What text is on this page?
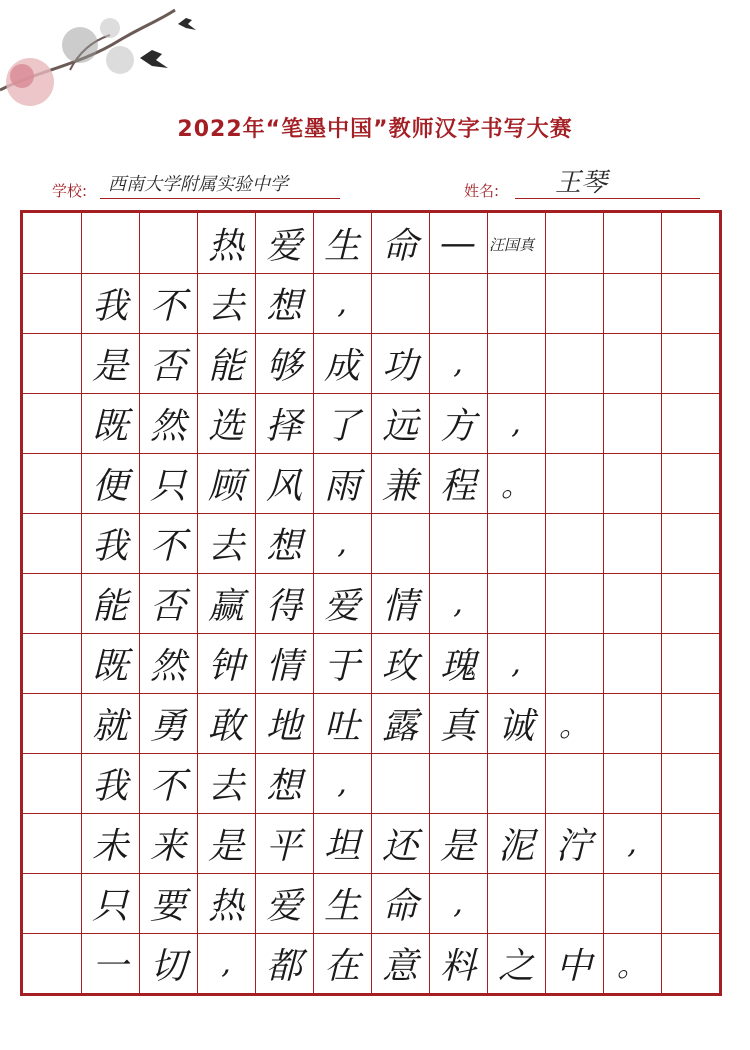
2022年“笔墨中国”教师汉字书写大赛
学校: 西南大学附属实验中学	姓名: 王琴
热 爱 生 命 — 汪国真
我 不 去 想	,
是 否 能 够 成 功	,
既 然 选 择 了 远 方	,
便 只 顾 风 雨 兼 程 。
我 不 去 想	,
能 否 赢 得 爱 情	,
既 然 钟 情 于 玫 瑰	,
就 勇 敢 地 吐 露 真 诚 。
我 不 去 想	,
未 来 是 平 坦 还 是 泥 泞	,
只 要 热 爱 生 命	,
一 切	, 都 在 意 料 之 中 。
